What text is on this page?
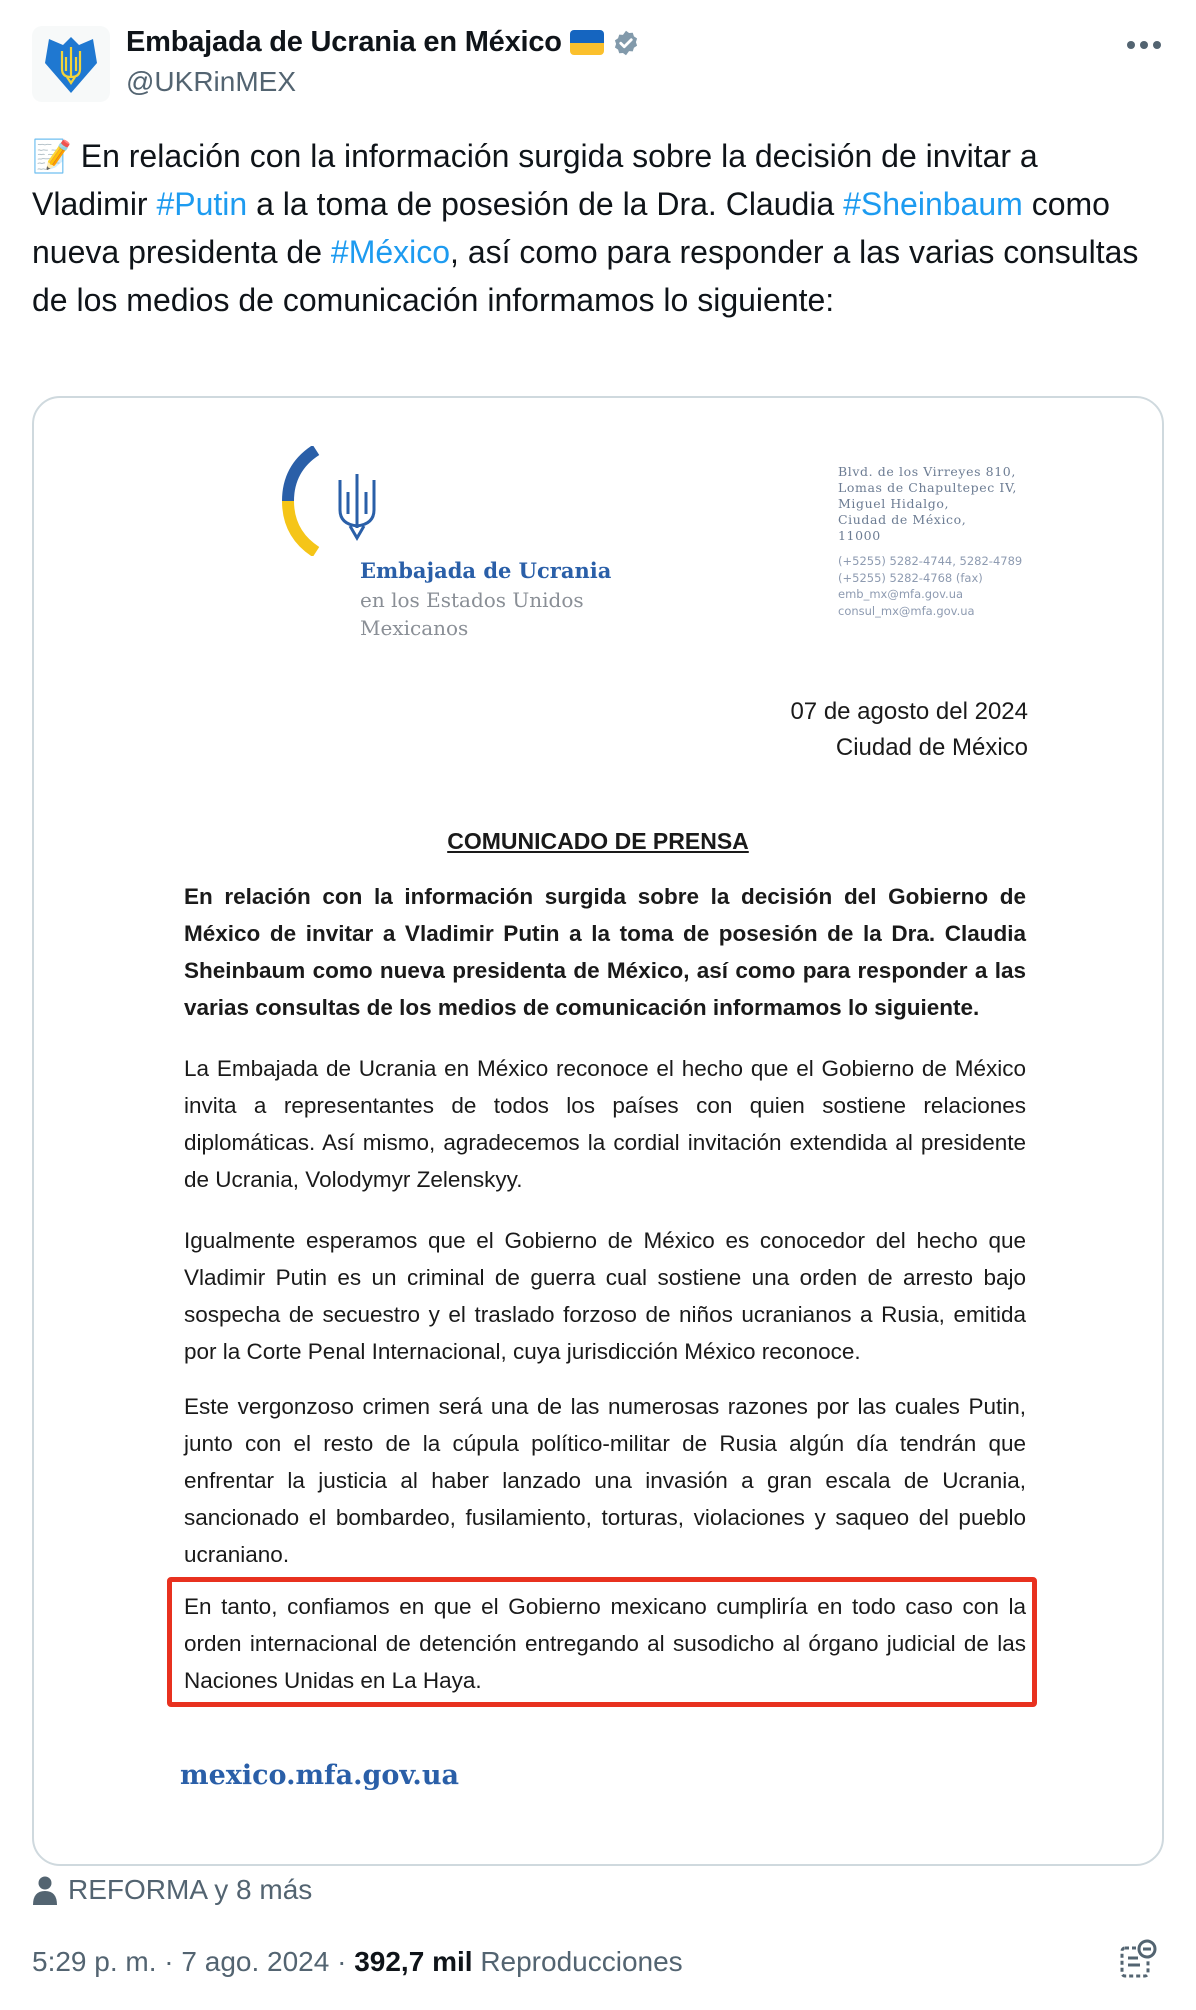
Embajada de Ucrania en México
@UKRinMEX
📝 En relación con la información surgida sobre la decisión de invitar a Vladimir #Putin a la toma de posesión de la Dra. Claudia #Sheinbaum como nueva presidenta de #México, así como para responder a las varias consultas de los medios de comunicación informamos lo siguiente:
Embajada de Ucrania
en los Estados Unidos
Mexicanos
Blvd. de los Virreyes 810,
Lomas de Chapultepec IV,
Miguel Hidalgo,
Ciudad de México,
11000
(+5255) 5282-4744, 5282-4789
(+5255) 5282-4768 (fax)
emb_mx@mfa.gov.ua
consul_mx@mfa.gov.ua
07 de agosto del 2024
Ciudad de México
COMUNICADO DE PRENSA
En relación con la información surgida sobre la decisión del Gobierno de México de invitar a Vladimir Putin a la toma de posesión de la Dra. Claudia Sheinbaum como nueva presidenta de México, así como para responder a las varias consultas de los medios de comunicación informamos lo siguiente.
La Embajada de Ucrania en México reconoce el hecho que el Gobierno de México invita a representantes de todos los países con quien sostiene relaciones diplomáticas. Así mismo, agradecemos la cordial invitación extendida al presidente de Ucrania, Volodymyr Zelenskyy.
Igualmente esperamos que el Gobierno de México es conocedor del hecho que Vladimir Putin es un criminal de guerra cual sostiene una orden de arresto bajo sospecha de secuestro y el traslado forzoso de niños ucranianos a Rusia, emitida por la Corte Penal Internacional, cuya jurisdicción México reconoce.
Este vergonzoso crimen será una de las numerosas razones por las cuales Putin, junto con el resto de la cúpula político-militar de Rusia algún día tendrán que enfrentar la justicia al haber lanzado una invasión a gran escala de Ucrania, sancionado el bombardeo, fusilamiento, torturas, violaciones y saqueo del pueblo ucraniano.
En tanto, confiamos en que el Gobierno mexicano cumpliría en todo caso con la orden internacional de detención entregando al susodicho al órgano judicial de las Naciones Unidas en La Haya.
mexico.mfa.gov.ua
REFORMA y 8 más
5:29 p. m. · 7 ago. 2024 · 392,7 mil Reproducciones
